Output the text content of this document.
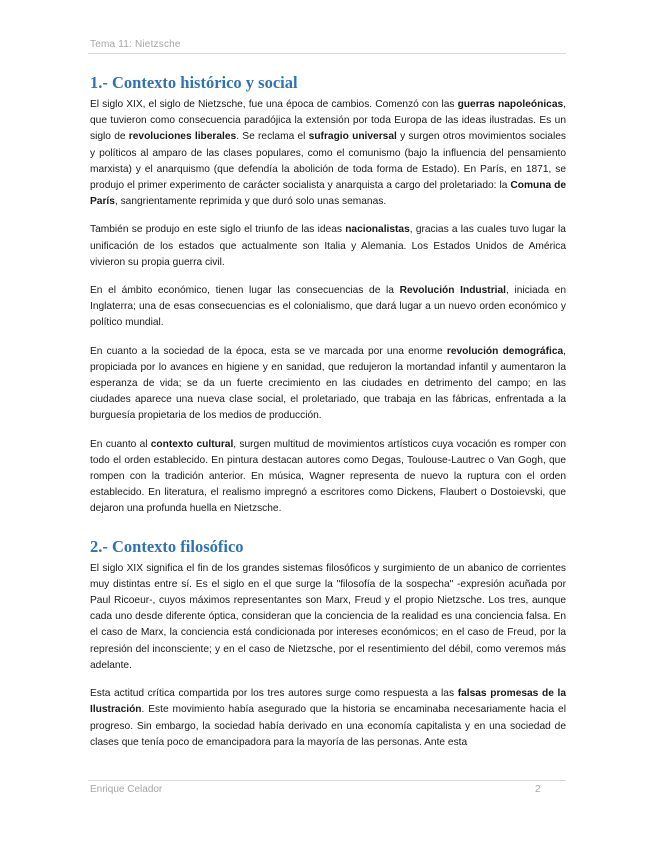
Tema 11: Nietzsche
1.- Contexto histórico y social

El siglo XIX, el siglo de Nietzsche, fue una época de cambios. Comenzó con las guerras napoleónicas, que tuvieron como consecuencia paradójica la extensión por toda Europa de las ideas ilustradas. Es un siglo de revoluciones liberales. Se reclama el sufragio universal y surgen otros movimientos sociales y políticos al amparo de las clases populares, como el comunismo (bajo la influencia del pensamiento marxista) y el anarquismo (que defendía la abolición de toda forma de Estado). En París, en 1871, se produjo el primer experimento de carácter socialista y anarquista a cargo del proletariado: la Comuna de París, sangrientamente reprimida y que duró solo unas semanas.

También se produjo en este siglo el triunfo de las ideas nacionalistas, gracias a las cuales tuvo lugar la unificación de los estados que actualmente son Italia y Alemania. Los Estados Unidos de América vivieron su propia guerra civil.

En el ámbito económico, tienen lugar las consecuencias de la Revolución Industrial, iniciada en Inglaterra; una de esas consecuencias es el colonialismo, que dará lugar a un nuevo orden económico y político mundial.

En cuanto a la sociedad de la época, esta se ve marcada por una enorme revolución demográfica, propiciada por lo avances en higiene y en sanidad, que redujeron la mortandad infantil y aumentaron la esperanza de vida; se da un fuerte crecimiento en las ciudades en detrimento del campo; en las ciudades aparece una nueva clase social, el proletariado, que trabaja en las fábricas, enfrentada a la burguesía propietaria de los medios de producción.

En cuanto al contexto cultural, surgen multitud de movimientos artísticos cuya vocación es romper con todo el orden establecido. En pintura destacan autores como Degas, Toulouse-Lautrec o Van Gogh, que rompen con la tradición anterior. En música, Wagner representa de nuevo la ruptura con el orden establecido. En literatura, el realismo impregnó a escritores como Dickens, Flaubert o Dostoievski, que dejaron una profunda huella en Nietzsche.

2.- Contexto filosófico

El siglo XIX significa el fin de los grandes sistemas filosóficos y surgimiento de un abanico de corrientes muy distintas entre sí. Es el siglo en el que surge la "filosofía de la sospecha" -expresión acuñada por Paul Ricoeur-, cuyos máximos representantes son Marx, Freud y el propio Nietzsche. Los tres, aunque cada uno desde diferente óptica, consideran que la conciencia de la realidad es una conciencia falsa. En el caso de Marx, la conciencia está condicionada por intereses económicos; en el caso de Freud, por la represión del inconsciente; y en el caso de Nietzsche, por el resentimiento del débil, como veremos más adelante.

Esta actitud crítica compartida por los tres autores surge como respuesta a las falsas promesas de la Ilustración. Este movimiento había asegurado que la historia se encaminaba necesariamente hacia el progreso. Sin embargo, la sociedad había derivado en una economía capitalista y en una sociedad de clases que tenía poco de emancipadora para la mayoría de las personas. Ante esta

Enrique Celador	2
